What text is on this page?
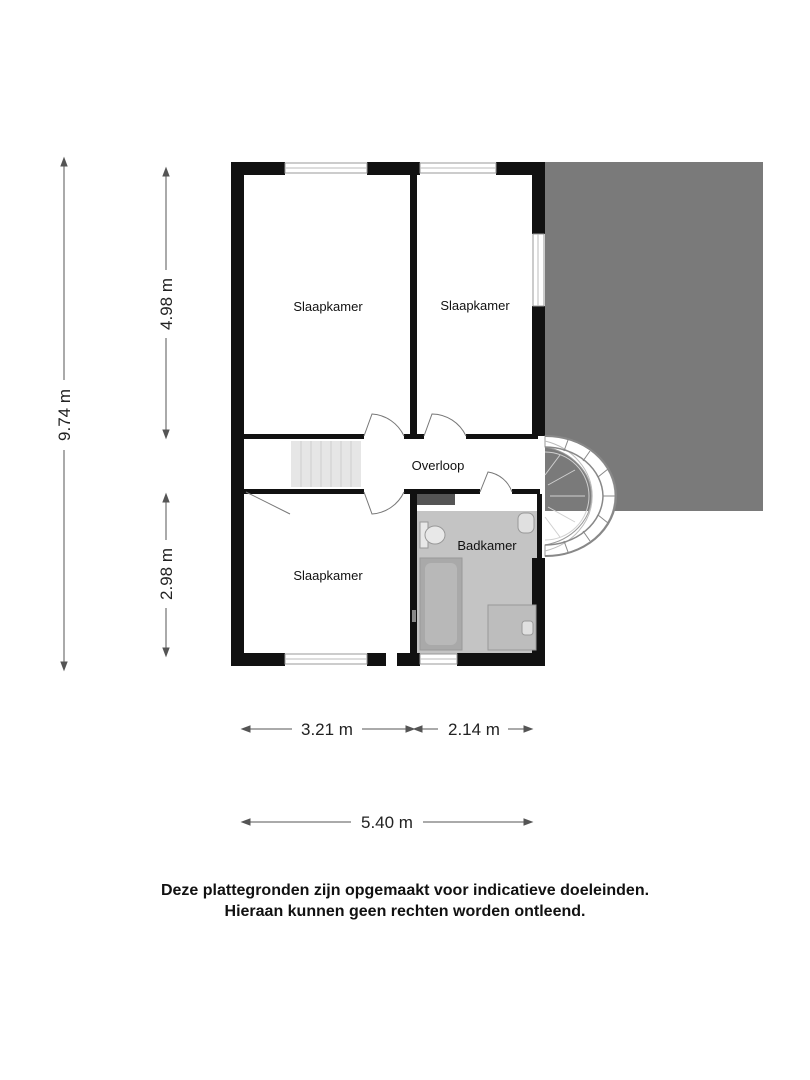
Slaapkamer	Slaapkamer
Overloop
Slaapkamer
Badkamer
9.74 m
4.98 m
2.98 m
3.21 m	2.14 m
5.40 m
Deze plattegronden zijn opgemaakt voor indicatieve doeleinden.
Hieraan kunnen geen rechten worden ontleend.
